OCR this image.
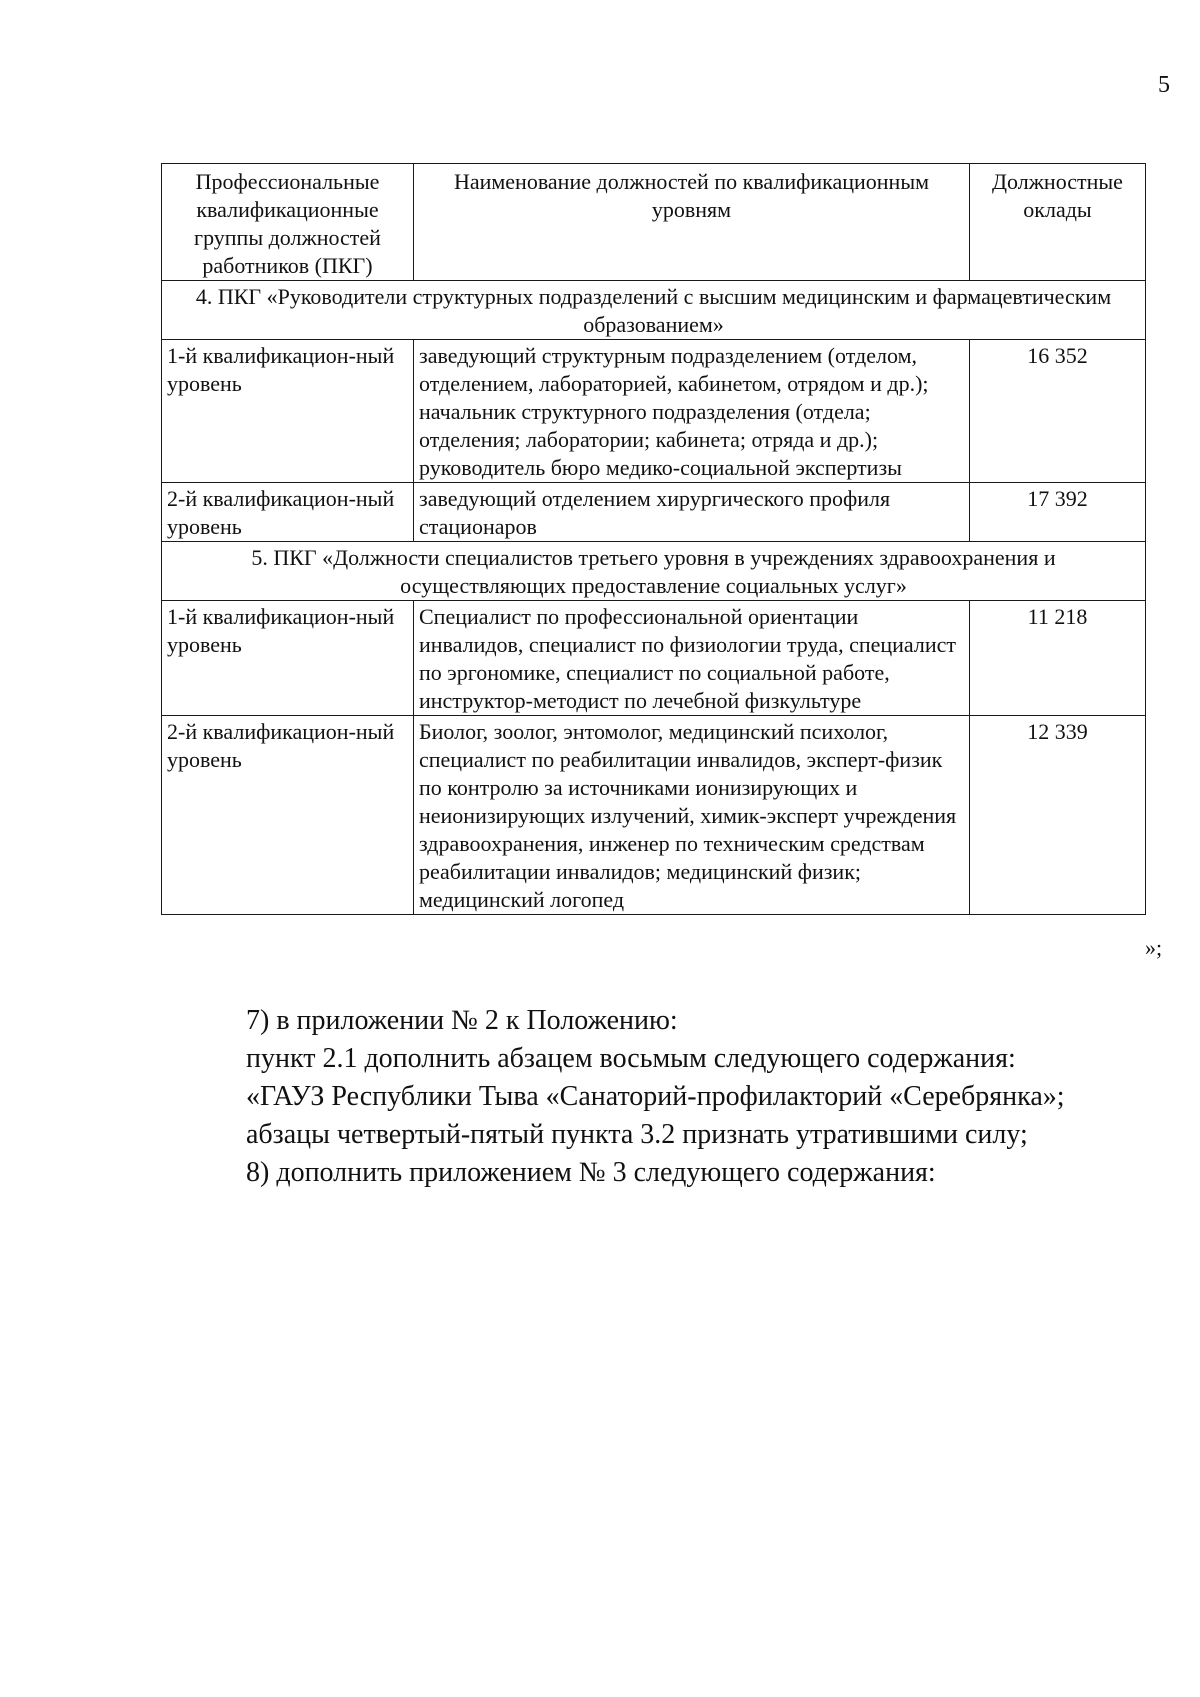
5
Профессиональные квалификационные группы должностей работников (ПКГ)	Наименование должностей по квалификационным уровням	Должностные оклады
4. ПКГ «Руководители структурных подразделений с высшим медицинским и фармацевтическим образованием»		
1-й квалификацион-ный уровень	заведующий структурным подразделением (отделом, отделением, лабораторией, кабинетом, отрядом и др.); начальник структурного подразделения (отдела; отделения; лаборатории; кабинета; отряда и др.); руководитель бюро медико-социальной экспертизы	16 352
2-й квалификацион-ный уровень	заведующий отделением хирургического профиля стационаров	17 392
5. ПКГ «Должности специалистов третьего уровня в учреждениях здравоохранения и осуществляющих предоставление социальных услуг»		
1-й квалификацион-ный уровень	Специалист по профессиональной ориентации инвалидов, специалист по физиологии труда, специалист по эргономике, специалист по социальной работе, инструктор-методист по лечебной физкультуре	11 218
2-й квалификацион-ный уровень	Биолог, зоолог, энтомолог, медицинский психолог, специалист по реабилитации инвалидов, эксперт-физик по контролю за источниками ионизирующих и неионизирующих излучений, химик-эксперт учреждения здравоохранения, инженер по техническим средствам реабилитации инвалидов; медицинский физик; медицинский логопед	12 339
»;

7) в приложении № 2 к Положению:

пункт 2.1 дополнить абзацем восьмым следующего содержания:

«ГАУЗ Республики Тыва «Санаторий-профилакторий «Серебрянка»;

абзацы четвертый-пятый пункта 3.2 признать утратившими силу;

8) дополнить приложением № 3 следующего содержания:
